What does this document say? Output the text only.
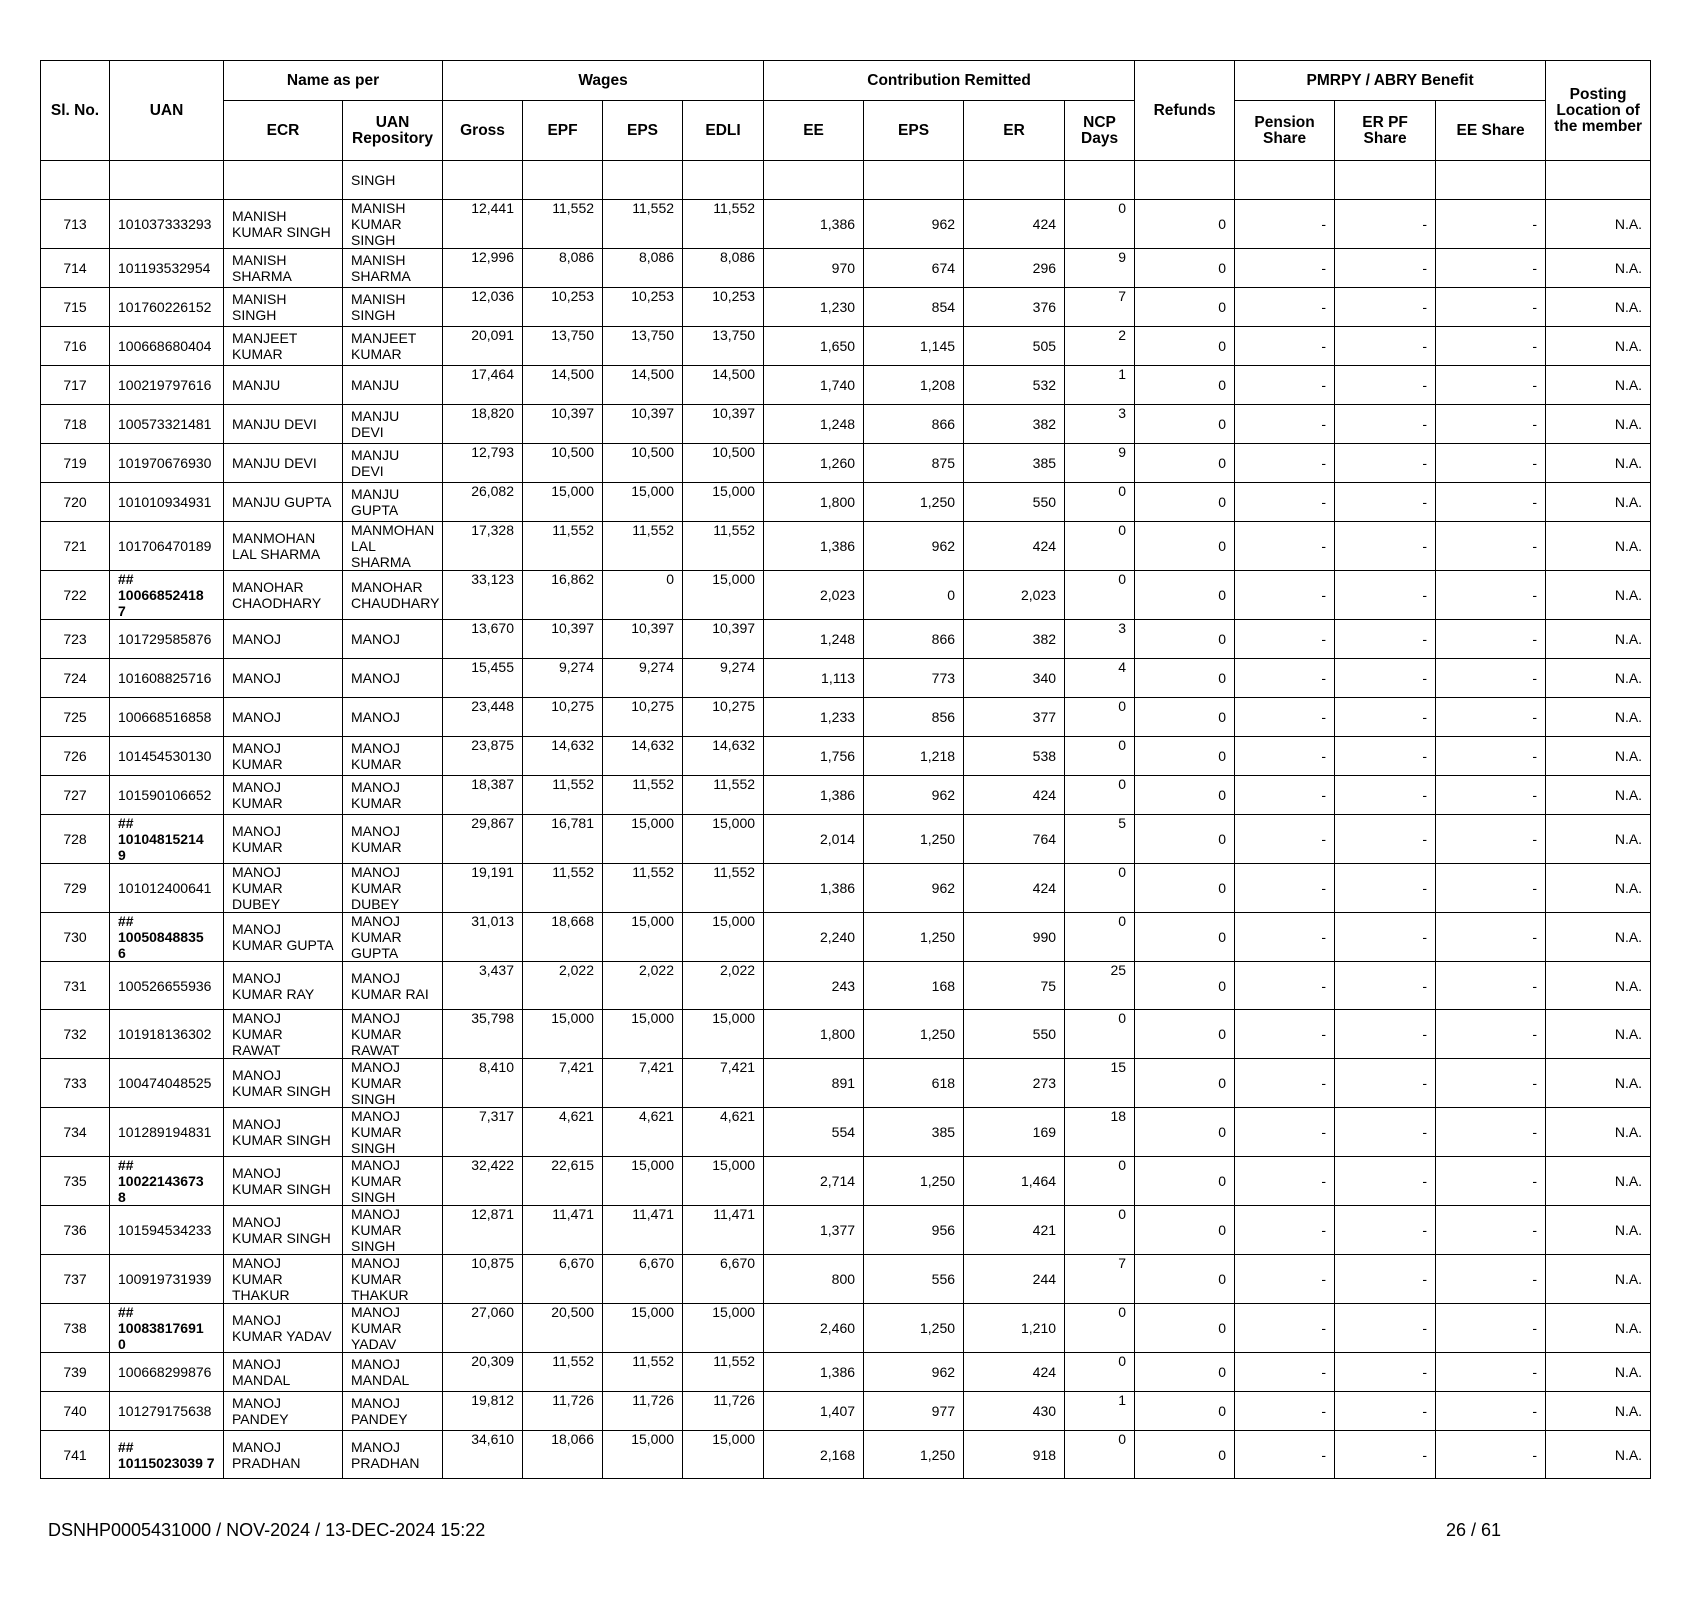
Sl. No.	UAN	Name as per		Wages				Contribution Remitted				Refunds	PMRPY / ABRY Benefit			Posting Location of the member
		ECR	UAN Repository	Gross	EPF	EPS	EDLI	EE	EPS	ER	NCP Days		Pension Share	ER PF Share	EE Share	
			SINGH													
713	101037333293	MANISH KUMAR SINGH	MANISH KUMAR SINGH	12,441	11,552	11,552	11,552	1,386	962	424	0	0	-	-	-	N.A.
714	101193532954	MANISH SHARMA	MANISH SHARMA	12,996	8,086	8,086	8,086	970	674	296	9	0	-	-	-	N.A.
715	101760226152	MANISH SINGH	MANISH SINGH	12,036	10,253	10,253	10,253	1,230	854	376	7	0	-	-	-	N.A.
716	100668680404	MANJEET KUMAR	MANJEET KUMAR	20,091	13,750	13,750	13,750	1,650	1,145	505	2	0	-	-	-	N.A.
717	100219797616	MANJU	MANJU	17,464	14,500	14,500	14,500	1,740	1,208	532	1	0	-	-	-	N.A.
718	100573321481	MANJU DEVI	MANJU DEVI	18,820	10,397	10,397	10,397	1,248	866	382	3	0	-	-	-	N.A.
719	101970676930	MANJU DEVI	MANJU DEVI	12,793	10,500	10,500	10,500	1,260	875	385	9	0	-	-	-	N.A.
720	101010934931	MANJU GUPTA	MANJU GUPTA	26,082	15,000	15,000	15,000	1,800	1,250	550	0	0	-	-	-	N.A.
721	101706470189	MANMOHAN LAL SHARMA	MANMOHAN LAL SHARMA	17,328	11,552	11,552	11,552	1,386	962	424	0	0	-	-	-	N.A.
722	## 10066852418 7	MANOHAR CHAODHARY	MANOHAR CHAUDHARY	33,123	16,862	0	15,000	2,023	0	2,023	0	0	-	-	-	N.A.
723	101729585876	MANOJ	MANOJ	13,670	10,397	10,397	10,397	1,248	866	382	3	0	-	-	-	N.A.
724	101608825716	MANOJ	MANOJ	15,455	9,274	9,274	9,274	1,113	773	340	4	0	-	-	-	N.A.
725	100668516858	MANOJ	MANOJ	23,448	10,275	10,275	10,275	1,233	856	377	0	0	-	-	-	N.A.
726	101454530130	MANOJ KUMAR	MANOJ KUMAR	23,875	14,632	14,632	14,632	1,756	1,218	538	0	0	-	-	-	N.A.
727	101590106652	MANOJ KUMAR	MANOJ KUMAR	18,387	11,552	11,552	11,552	1,386	962	424	0	0	-	-	-	N.A.
728	## 10104815214 9	MANOJ KUMAR	MANOJ KUMAR	29,867	16,781	15,000	15,000	2,014	1,250	764	5	0	-	-	-	N.A.
729	101012400641	MANOJ KUMAR DUBEY	MANOJ KUMAR DUBEY	19,191	11,552	11,552	11,552	1,386	962	424	0	0	-	-	-	N.A.
730	## 10050848835 6	MANOJ KUMAR GUPTA	MANOJ KUMAR GUPTA	31,013	18,668	15,000	15,000	2,240	1,250	990	0	0	-	-	-	N.A.
731	100526655936	MANOJ KUMAR RAY	MANOJ KUMAR RAI	3,437	2,022	2,022	2,022	243	168	75	25	0	-	-	-	N.A.
732	101918136302	MANOJ KUMAR RAWAT	MANOJ KUMAR RAWAT	35,798	15,000	15,000	15,000	1,800	1,250	550	0	0	-	-	-	N.A.
733	100474048525	MANOJ KUMAR SINGH	MANOJ KUMAR SINGH	8,410	7,421	7,421	7,421	891	618	273	15	0	-	-	-	N.A.
734	101289194831	MANOJ KUMAR SINGH	MANOJ KUMAR SINGH	7,317	4,621	4,621	4,621	554	385	169	18	0	-	-	-	N.A.
735	## 10022143673 8	MANOJ KUMAR SINGH	MANOJ KUMAR SINGH	32,422	22,615	15,000	15,000	2,714	1,250	1,464	0	0	-	-	-	N.A.
736	101594534233	MANOJ KUMAR SINGH	MANOJ KUMAR SINGH	12,871	11,471	11,471	11,471	1,377	956	421	0	0	-	-	-	N.A.
737	100919731939	MANOJ KUMAR THAKUR	MANOJ KUMAR THAKUR	10,875	6,670	6,670	6,670	800	556	244	7	0	-	-	-	N.A.
738	## 10083817691 0	MANOJ KUMAR YADAV	MANOJ KUMAR YADAV	27,060	20,500	15,000	15,000	2,460	1,250	1,210	0	0	-	-	-	N.A.
739	100668299876	MANOJ MANDAL	MANOJ MANDAL	20,309	11,552	11,552	11,552	1,386	962	424	0	0	-	-	-	N.A.
740	101279175638	MANOJ PANDEY	MANOJ PANDEY	19,812	11,726	11,726	11,726	1,407	977	430	1	0	-	-	-	N.A.
741	## 10115023039 7	MANOJ PRADHAN	MANOJ PRADHAN	34,610	18,066	15,000	15,000	2,168	1,250	918	0	0	-	-	-	N.A.
DSNHP0005431000 / NOV-2024 / 13-DEC-2024 15:22	26 / 61
